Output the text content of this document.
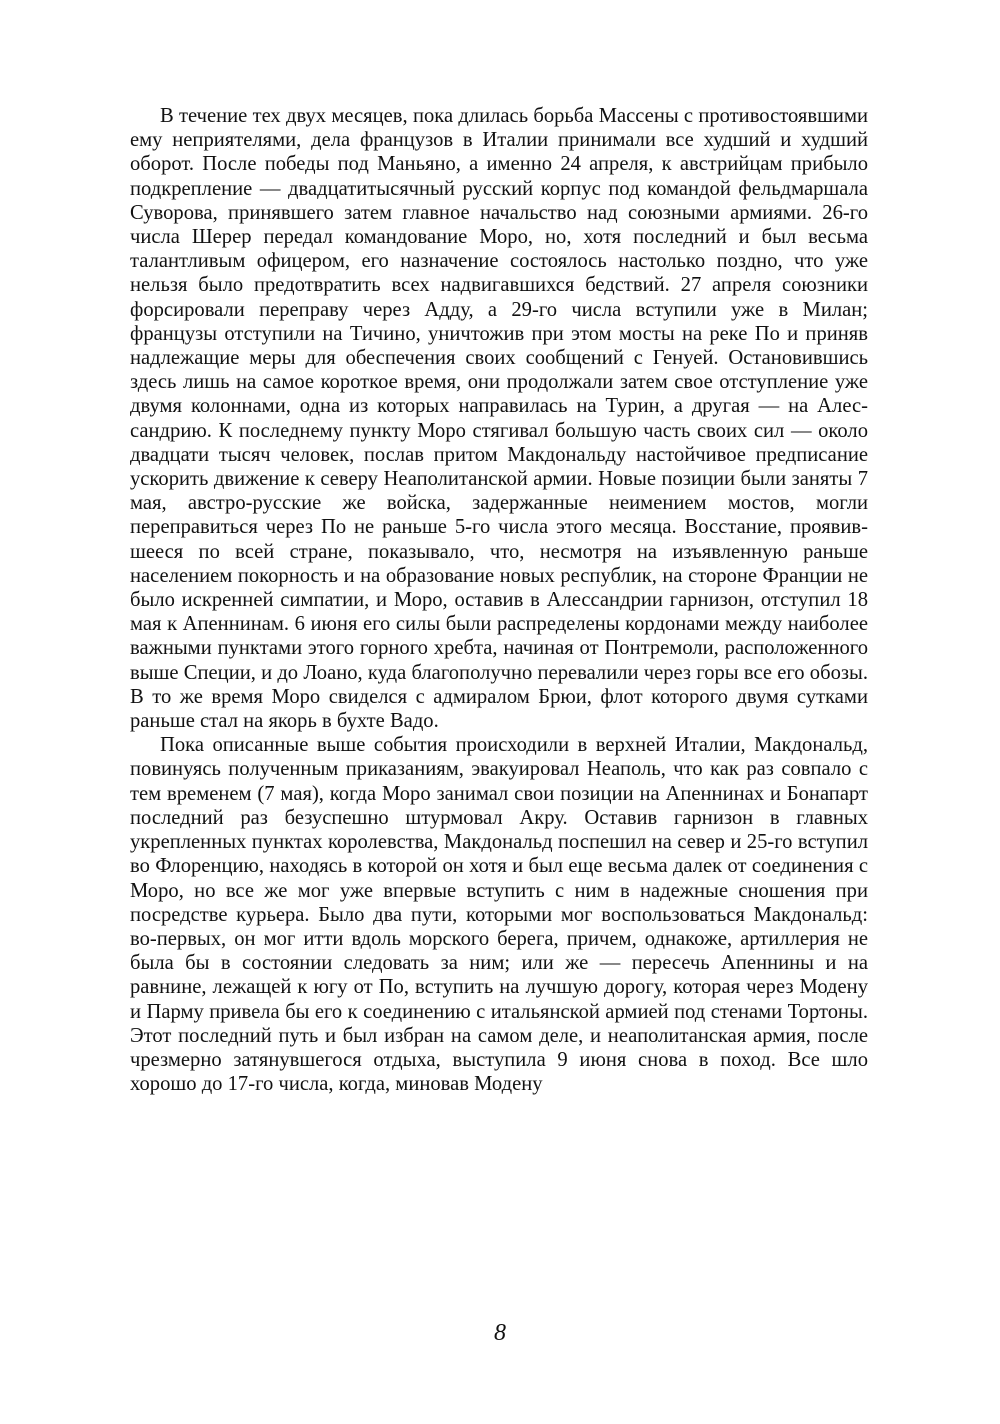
В течение тех двух месяцев, пока длилась борьба Массены с противостоявшими ему неприятелями, дела французов в Италии принимали все худший и худший оборот. После победы под Маньяно, а именно 24 апреля, к австрийцам прибыло подкрепление — двадцатитысячный русский корпус под командой фельдмаршала Суворова, принявшего затем главное начальство над союзными армиями. 26-го числа Шерер передал командование Моро, но, хотя последний и был весьма талантливым офицером, его назначение состоялось настолько поздно, что уже нельзя было предотвратить всех надвигавшихся бедствий. 27 апреля союзники форсировали переправу через Адду, а 29-го числа вступили уже в Милан; французы отступили на Тичино, уничтожив при этом мосты на реке По и приняв надлежащие меры для обеспечения своих сообщений с Генуей. Остановившись здесь лишь на самое короткое время, они продолжали затем свое отступление уже двумя колоннами, одна из которых направилась на Турин, а другая — на Алессандрию. К последнему пункту Моро стягивал большую часть своих сил — около двадцати тысяч человек, послав притом Макдональду настойчивое предписание ускорить движение к северу Неаполитанской армии. Новые позиции были заняты 7 мая, австро-русские же войска, задержанные неимением мостов, могли переправиться через По не раньше 5-го числа этого месяца. Восстание, проявившееся по всей стране, показывало, что, несмотря на изъявленную раньше населением покорность и на образование новых республик, на стороне Франции не было искренней симпатии, и Моро, оставив в Алессандрии гарнизон, отступил 18 мая к Апеннинам. 6 июня его силы были распределены кордонами между наиболее важными пунктами этого горного хребта, начиная от Понтремоли, расположенного выше Специи, и до Лоано, куда благополучно перевалили через горы все его обозы. В то же время Моро свиделся с адмиралом Брюи, флот которого двумя сутками раньше стал на якорь в бухте Вадо.

Пока описанные выше события происходили в верхней Италии, Макдональд, повинуясь полученным приказаниям, эвакуировал Неаполь, что как раз совпало с тем временем (7 мая), когда Моро занимал свои позиции на Апеннинах и Бонапарт последний раз безуспешно штурмовал Акру. Оставив гарнизон в главных укрепленных пунктах королевства, Макдональд поспешил на север и 25-го вступил во Флоренцию, находясь в которой он хотя и был еще весьма далек от соединения с Моро, но все же мог уже впервые вступить с ним в надежные сношения при посредстве курьера. Было два пути, которыми мог воспользоваться Макдональд: во-первых, он мог итти вдоль морского берега, причем, однакоже, артиллерия не была бы в состоянии следовать за ним; или же — пересечь Апеннины и на равнине, лежащей к югу от По, вступить на лучшую дорогу, которая через Модену и Парму привела бы его к соединению с итальянской армией под стенами Тортоны. Этот последний путь и был избран на самом деле, и неаполитанская армия, после чрезмерно затянувшегося отдыха, выступила 9 июня снова в поход. Все шло хорошо до 17-го числа, когда, миновав Модену

8
